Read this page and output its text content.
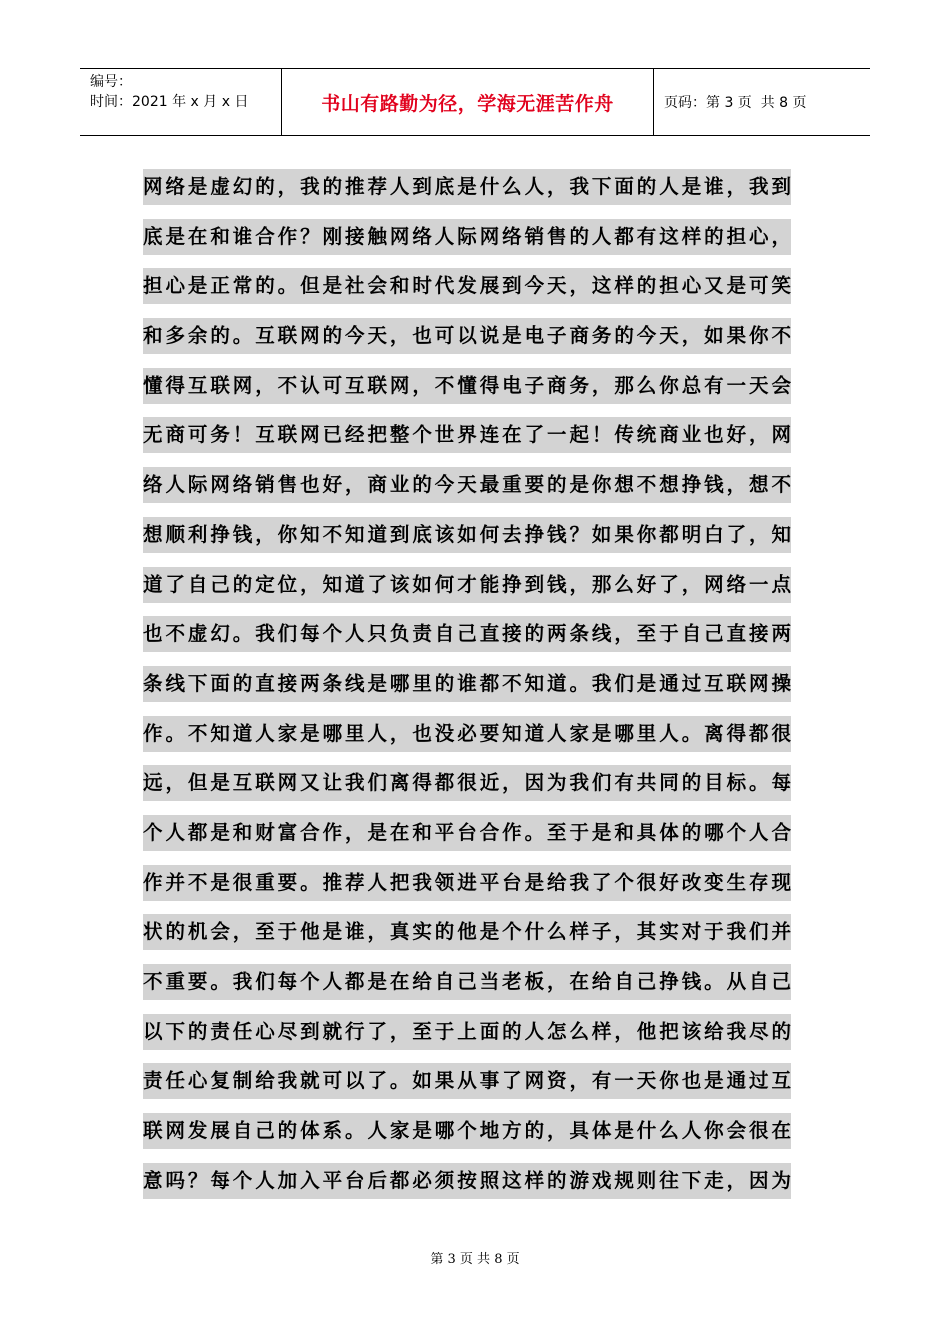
编号：
时间：2021 年 x 月 x 日	书山有路勤为径，学海无涯苦作舟	页码：第 3 页  共 8 页
网络是虚幻的，我的推荐人到底是什么人，我下面的人是谁，我到
底是在和谁合作？刚接触网络人际网络销售的人都有这样的担心，
担心是正常的。但是社会和时代发展到今天，这样的担心又是可笑
和多余的。互联网的今天，也可以说是电子商务的今天，如果你不
懂得互联网，不认可互联网，不懂得电子商务，那么你总有一天会
无商可务！互联网已经把整个世界连在了一起！传统商业也好，网
络人际网络销售也好，商业的今天最重要的是你想不想挣钱，想不
想顺利挣钱，你知不知道到底该如何去挣钱？如果你都明白了，知
道了自己的定位，知道了该如何才能挣到钱，那么好了，网络一点
也不虚幻。我们每个人只负责自己直接的两条线，至于自己直接两
条线下面的直接两条线是哪里的谁都不知道。我们是通过互联网操
作。不知道人家是哪里人，也没必要知道人家是哪里人。离得都很
远，但是互联网又让我们离得都很近，因为我们有共同的目标。每
个人都是和财富合作，是在和平台合作。至于是和具体的哪个人合
作并不是很重要。推荐人把我领进平台是给我了个很好改变生存现
状的机会，至于他是谁，真实的他是个什么样子，其实对于我们并
不重要。我们每个人都是在给自己当老板，在给自己挣钱。从自己
以下的责任心尽到就行了，至于上面的人怎么样，他把该给我尽的
责任心复制给我就可以了。如果从事了网资，有一天你也是通过互
联网发展自己的体系。人家是哪个地方的，具体是什么人你会很在
意吗？每个人加入平台后都必须按照这样的游戏规则往下走，因为
第 3 页 共 8 页
